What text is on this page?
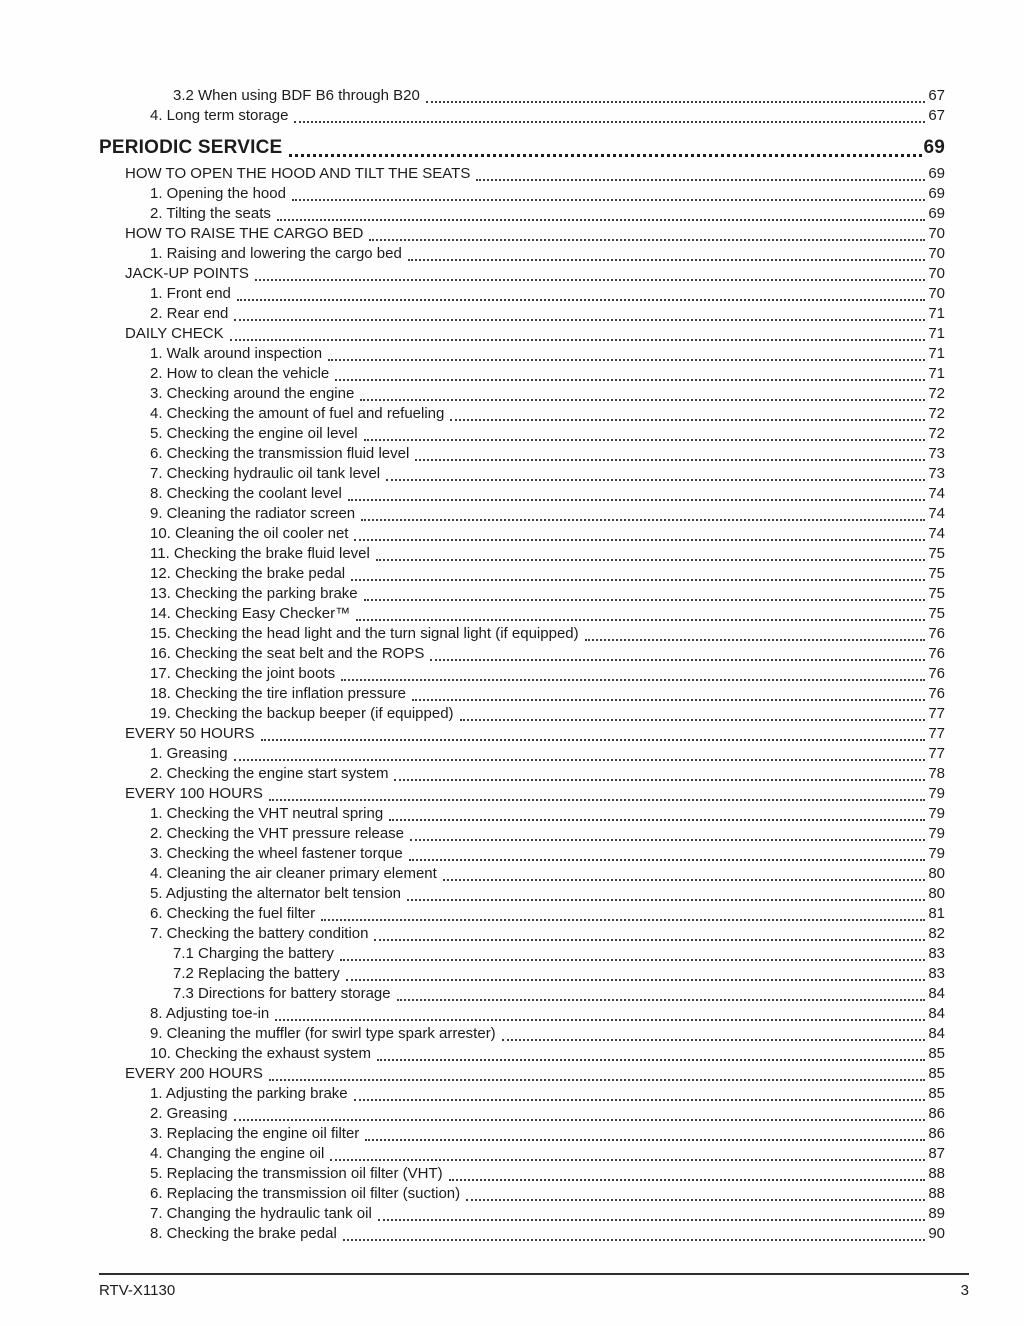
3.2 When using BDF B6 through B20	67
4. Long term storage	67
PERIODIC SERVICE	69
HOW TO OPEN THE HOOD AND TILT THE SEATS	69
1. Opening the hood	69
2. Tilting the seats	69
HOW TO RAISE THE CARGO BED	70
1. Raising and lowering the cargo bed	70
JACK-UP POINTS	70
1. Front end	70
2. Rear end	71
DAILY CHECK	71
1. Walk around inspection	71
2. How to clean the vehicle	71
3. Checking around the engine	72
4. Checking the amount of fuel and refueling	72
5. Checking the engine oil level	72
6. Checking the transmission fluid level	73
7. Checking hydraulic oil tank level	73
8. Checking the coolant level	74
9. Cleaning the radiator screen	74
10. Cleaning the oil cooler net	74
11. Checking the brake fluid level	75
12. Checking the brake pedal	75
13. Checking the parking brake	75
14. Checking Easy Checker™	75
15. Checking the head light and the turn signal light (if equipped)	76
16. Checking the seat belt and the ROPS	76
17. Checking the joint boots	76
18. Checking the tire inflation pressure	76
19. Checking the backup beeper (if equipped)	77
EVERY 50 HOURS	77
1. Greasing	77
2. Checking the engine start system	78
EVERY 100 HOURS	79
1. Checking the VHT neutral spring	79
2. Checking the VHT pressure release	79
3. Checking the wheel fastener torque	79
4. Cleaning the air cleaner primary element	80
5. Adjusting the alternator belt tension	80
6. Checking the fuel filter	81
7. Checking the battery condition	82
7.1 Charging the battery	83
7.2 Replacing the battery	83
7.3 Directions for battery storage	84
8. Adjusting toe-in	84
9. Cleaning the muffler (for swirl type spark arrester)	84
10. Checking the exhaust system	85
EVERY 200 HOURS	85
1. Adjusting the parking brake	85
2. Greasing	86
3. Replacing the engine oil filter	86
4. Changing the engine oil	87
5. Replacing the transmission oil filter (VHT)	88
6. Replacing the transmission oil filter (suction)	88
7. Changing the hydraulic tank oil	89
8. Checking the brake pedal	90
RTV-X1130	3
